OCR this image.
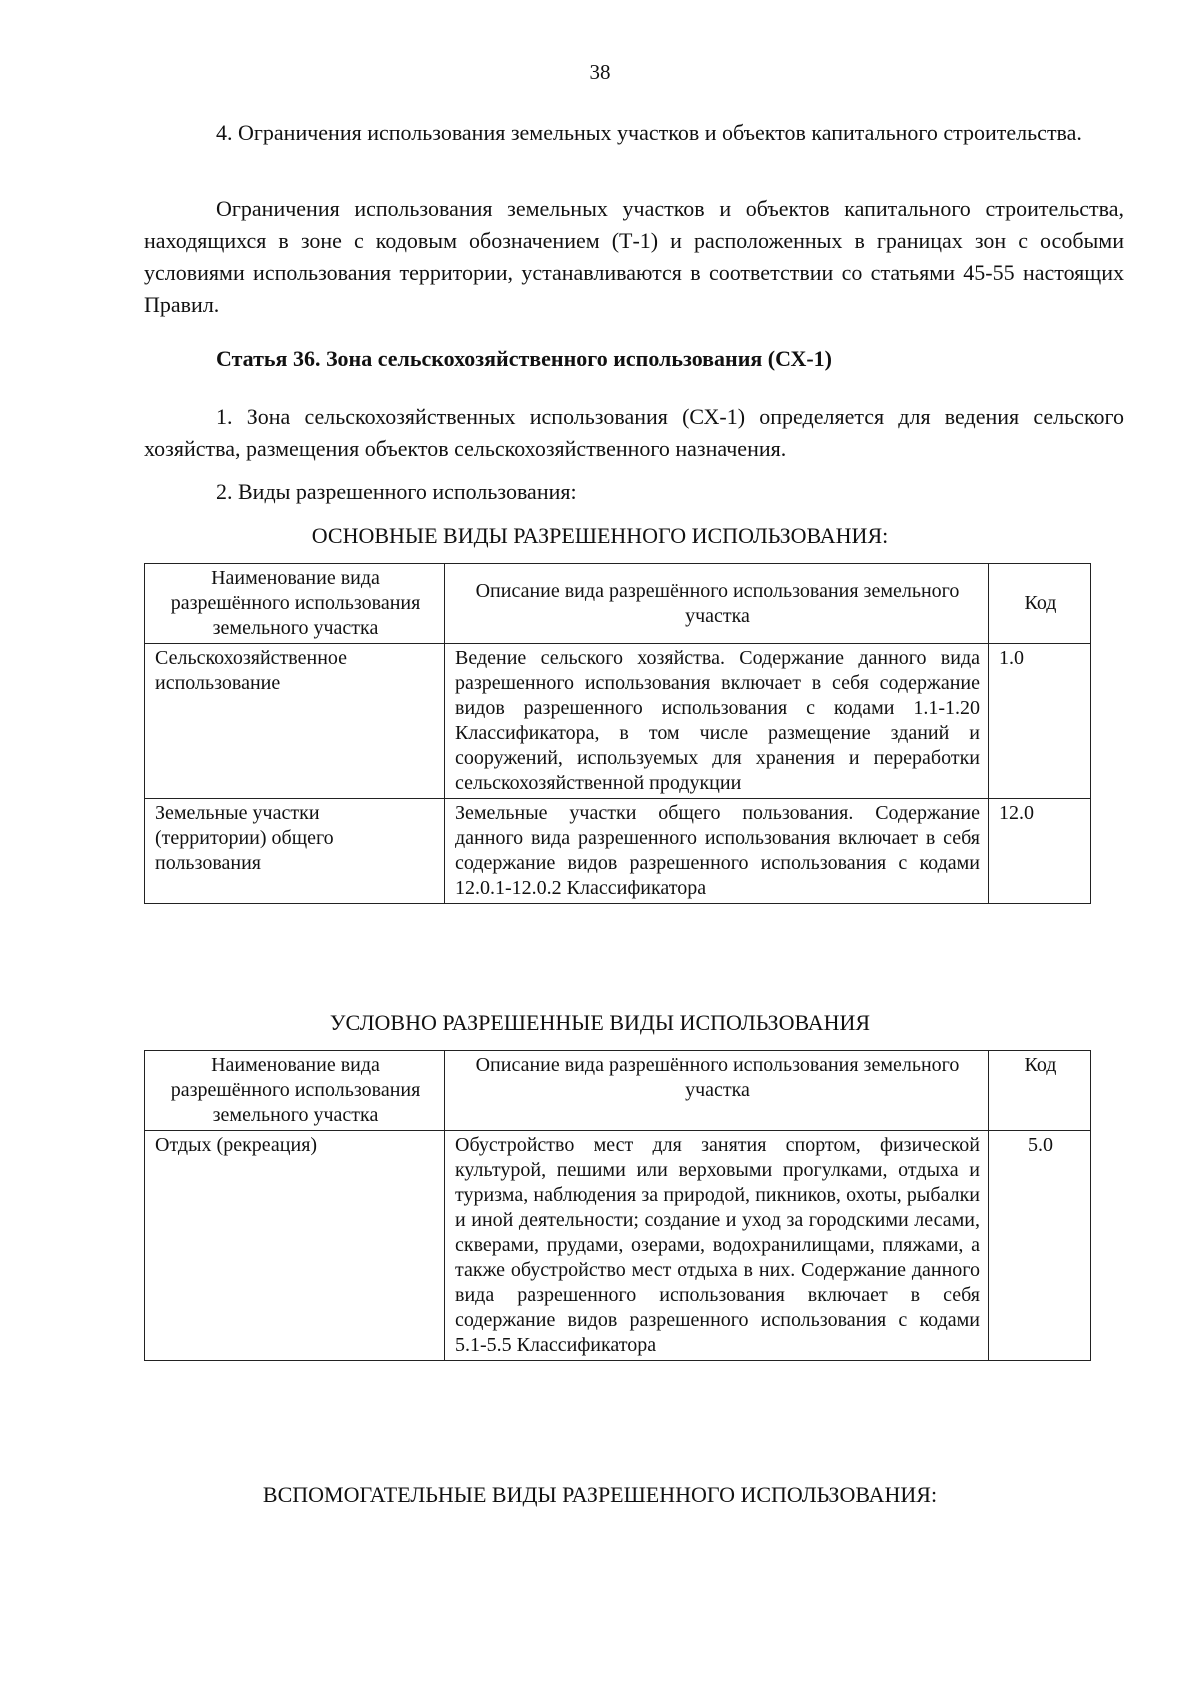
38
4. Ограничения использования земельных участков и объектов капитального строительства.
Ограничения использования земельных участков и объектов капитального строительства, находящихся в зоне с кодовым обозначением (Т-1) и расположенных в границах зон с особыми условиями использования территории, устанавливаются в соответствии со статьями 45-55 настоящих Правил.
Статья 36. Зона сельскохозяйственного использования (СХ-1)
1. Зона сельскохозяйственных использования (СХ-1) определяется для ведения сельского хозяйства, размещения объектов сельскохозяйственного назначения.
2. Виды разрешенного использования:
ОСНОВНЫЕ ВИДЫ РАЗРЕШЕННОГО ИСПОЛЬЗОВАНИЯ:
Наименование вида разрешённого использования земельного участка	Описание вида разрешённого использования земельного участка	Код
Сельскохозяйственное использование	Ведение сельского хозяйства. Содержание данного вида разрешенного использования включает в себя содержание видов разрешенного использования с кодами 1.1-1.20 Классификатора, в том числе размещение зданий и сооружений, используемых для хранения и переработки сельскохозяйственной продукции	1.0
Земельные участки (территории) общего пользования	Земельные участки общего пользования. Содержание данного вида разрешенного использования включает в себя содержание видов разрешенного использования с кодами 12.0.1-12.0.2 Классификатора	12.0
УСЛОВНО РАЗРЕШЕННЫЕ ВИДЫ ИСПОЛЬЗОВАНИЯ
Наименование вида разрешённого использования земельного участка	Описание вида разрешённого использования земельного участка	Код
Отдых (рекреация)	Обустройство мест для занятия спортом, физической культурой, пешими или верховыми прогулками, отдыха и туризма, наблюдения за природой, пикников, охоты, рыбалки и иной деятельности; создание и уход за городскими лесами, скверами, прудами, озерами, водохранилищами, пляжами, а также обустройство мест отдыха в них. Содержание данного вида разрешенного использования включает в себя содержание видов разрешенного использования с кодами 5.1-5.5 Классификатора	5.0
ВСПОМОГАТЕЛЬНЫЕ ВИДЫ РАЗРЕШЕННОГО ИСПОЛЬЗОВАНИЯ:
